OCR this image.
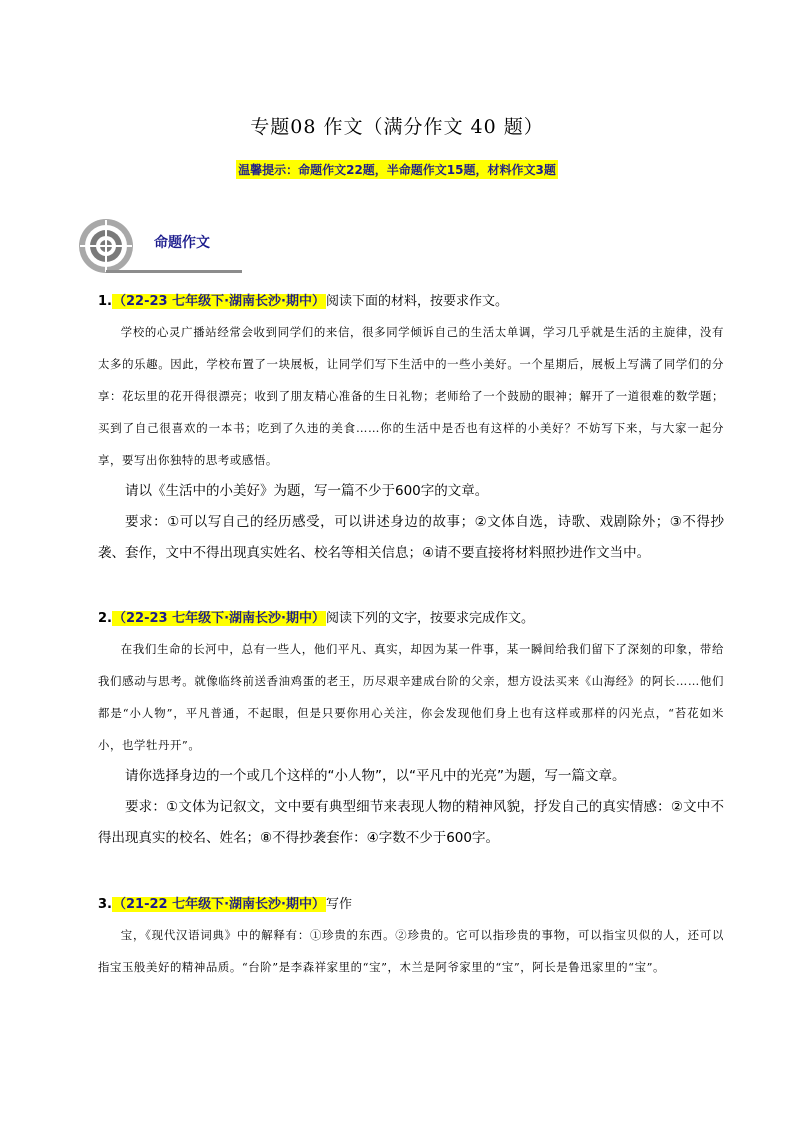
专题08 作文（满分作文 40 题）
温馨提示：命题作文22题，半命题作文15题，材料作文3题
命题作文
1.（22-23 七年级下·湖南长沙·期中）阅读下面的材料，按要求作文。

学校的心灵广播站经常会收到同学们的来信，很多同学倾诉自己的生活太单调，学习几乎就是生活的主旋律，没有太多的乐趣。因此，学校布置了一块展板，让同学们写下生活中的一些小美好。一个星期后，展板上写满了同学们的分享：花坛里的花开得很漂亮；收到了朋友精心准备的生日礼物；老师给了一个鼓励的眼神；解开了一道很难的数学题；买到了自己很喜欢的一本书；吃到了久违的美食……你的生活中是否也有这样的小美好？不妨写下来，与大家一起分享，要写出你独特的思考或感悟。

请以《生活中的小美好》为题，写一篇不少于600字的文章。

要求：①可以写自己的经历感受，可以讲述身边的故事；②文体自选，诗歌、戏剧除外；③不得抄袭、套作，文中不得出现真实姓名、校名等相关信息；④请不要直接将材料照抄进作文当中。

2.（22-23 七年级下·湖南长沙·期中）阅读下列的文字，按要求完成作文。

在我们生命的长河中，总有一些人，他们平凡、真实，却因为某一件事，某一瞬间给我们留下了深刻的印象，带给我们感动与思考。就像临终前送香油鸡蛋的老王，历尽艰辛建成台阶的父亲，想方设法买来《山海经》的阿长……他们都是“小人物”，平凡普通，不起眼，但是只要你用心关注，你会发现他们身上也有这样或那样的闪光点，“苔花如米小，也学牡丹开”。

请你选择身边的一个或几个这样的“小人物”，以“平凡中的光亮”为题，写一篇文章。

要求：①文体为记叙文，文中要有典型细节来表现人物的精神风貌，抒发自己的真实情感：②文中不得出现真实的校名、姓名；⑧不得抄袭套作：④字数不少于600字。

3.（21-22 七年级下·湖南长沙·期中）写作

宝，《现代汉语词典》中的解释有：①珍贵的东西。②珍贵的。它可以指珍贵的事物，可以指宝贝似的人，还可以指宝玉般美好的精神品质。“台阶”是李森祥家里的“宝”，木兰是阿爷家里的“宝”，阿长是鲁迅家里的“宝”。
